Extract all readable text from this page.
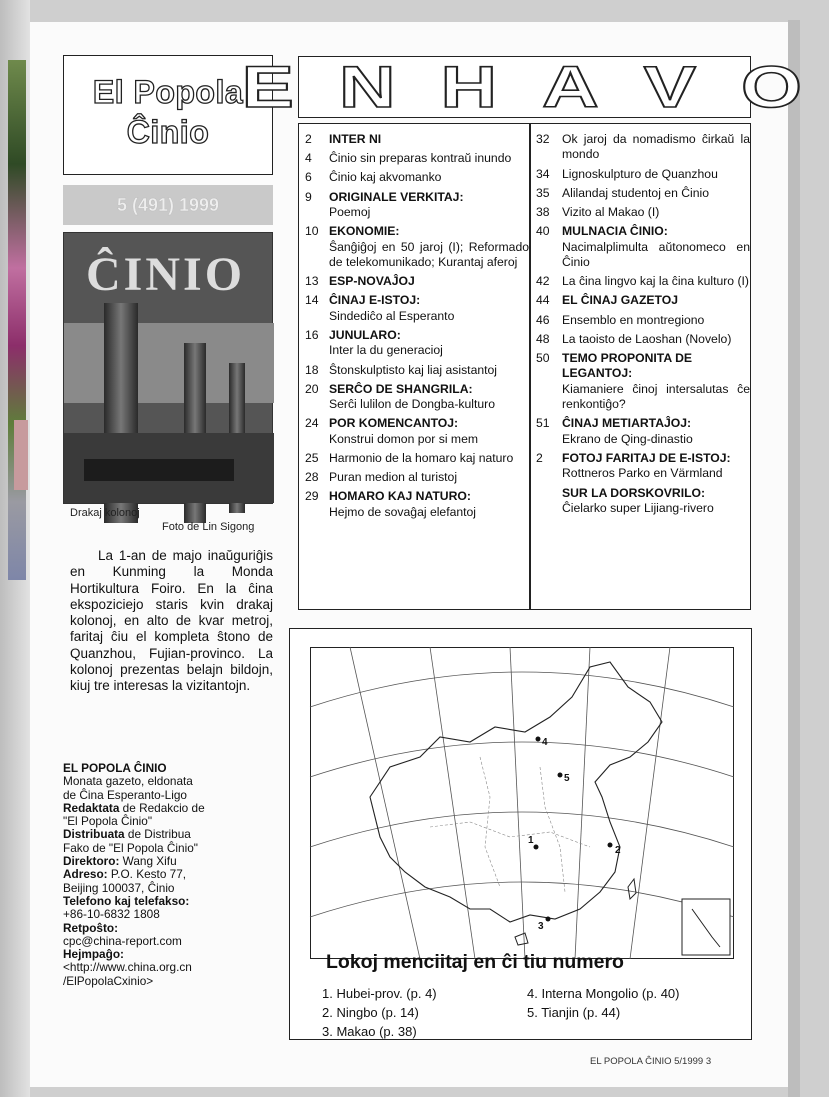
El Popola
Ĉinio
5 (491) 1999
ĈINIO
Drakaj kolonoj
Foto de Lin Sigong
La 1-an de majo inaŭguriĝis en Kunming la Monda Hortikultura Foiro. En la ĉina ekspoziciejo staris kvin drakaj kolonoj, en alto de kvar metroj, faritaj ĉiu el kompleta ŝtono de Quanzhou, Fujian-provinco. La kolonoj prezentas belajn bildojn, kiuj tre interesas la vizitantojn.
EL POPOLA ĈINIO
Monata gazeto, eldonata
de Ĉina Esperanto-Ligo
Redaktata de Redakcio de
"El Popola Ĉinio"
Distribuata de Distribua
Fako de "El Popola Ĉinio"
Direktoro: Wang Xifu
Adreso: P.O. Kesto 77,
Beijing 100037, Ĉinio
Telefono kaj telefakso:
+86-10-6832 1808
Retpoŝto:
cpc@china-report.com
Hejmpaĝo:
<http://www.china.org.cn
/ElPopolaCxinio>
E N H A V O
2	INTER NI
4	Ĉinio sin preparas kontraŭ inundo
6	Ĉinio kaj akvomanko
9	ORIGINALE VERKITAJ:
Poemoj
10 EKONOMIE:
Ŝanĝiĝoj en 50 jaroj (I); Reformado de telekomunikado; Kurantaj aferoj
13 ESP-NOVAĴOJ
14 ĈINAJ E-ISTOJ:
Sindediĉo al Esperanto
16 JUNULARO:
Inter la du generacioj
18 Ŝtonskulptisto kaj liaj asistantoj
20 SERĈO DE SHANGRILA:
Serĉi lulilon de Dongba-kulturo
24 POR KOMENCANTOJ:
Konstrui domon por si mem
25 Harmonio de la homaro kaj naturo
28 Puran medion al turistoj
29 HOMARO KAJ NATURO:
Hejmo de sovaĝaj elefantoj
32	Ok jaroj da nomadismo ĉirkaŭ la mondo
34	Lignoskulpturo de Quanzhou
35	Alilandaj studentoj en Ĉinio
38	Vizito al Makao (I)
40	MULNACIA ĈINIO:
Nacimalplimulta aŭtonomeco en Ĉinio
42	La ĉina lingvo kaj la ĉina kulturo (I)
44	EL ĈINAJ GAZETOJ
46	Ensemblo en montregiono
48	La taoisto de Laoshan (Novelo)
50	TEMO PROPONITA DE LEGANTOJ:
Kiamaniere ĉinoj intersalutas ĉe renkontiĝo?
51	ĈINAJ METIARTAĴOJ:
Ekrano de Qing-dinastio
2	FOTOJ FARITAJ DE E-ISTOJ:
Rottneros Parko en Värmland
SUR LA DORSKOVRILO:
Ĉielarko super Lijiang-rivero
1
2
3
4
5
Lokoj menciitaj en ĉi tiu numero
1. Hubei-prov. (p. 4)
2. Ningbo (p. 14)
3. Makao (p. 38)
4. Interna Mongolio (p. 40)
5. Tianjin (p. 44)
EL POPOLA ĈINIO 5/1999 3
